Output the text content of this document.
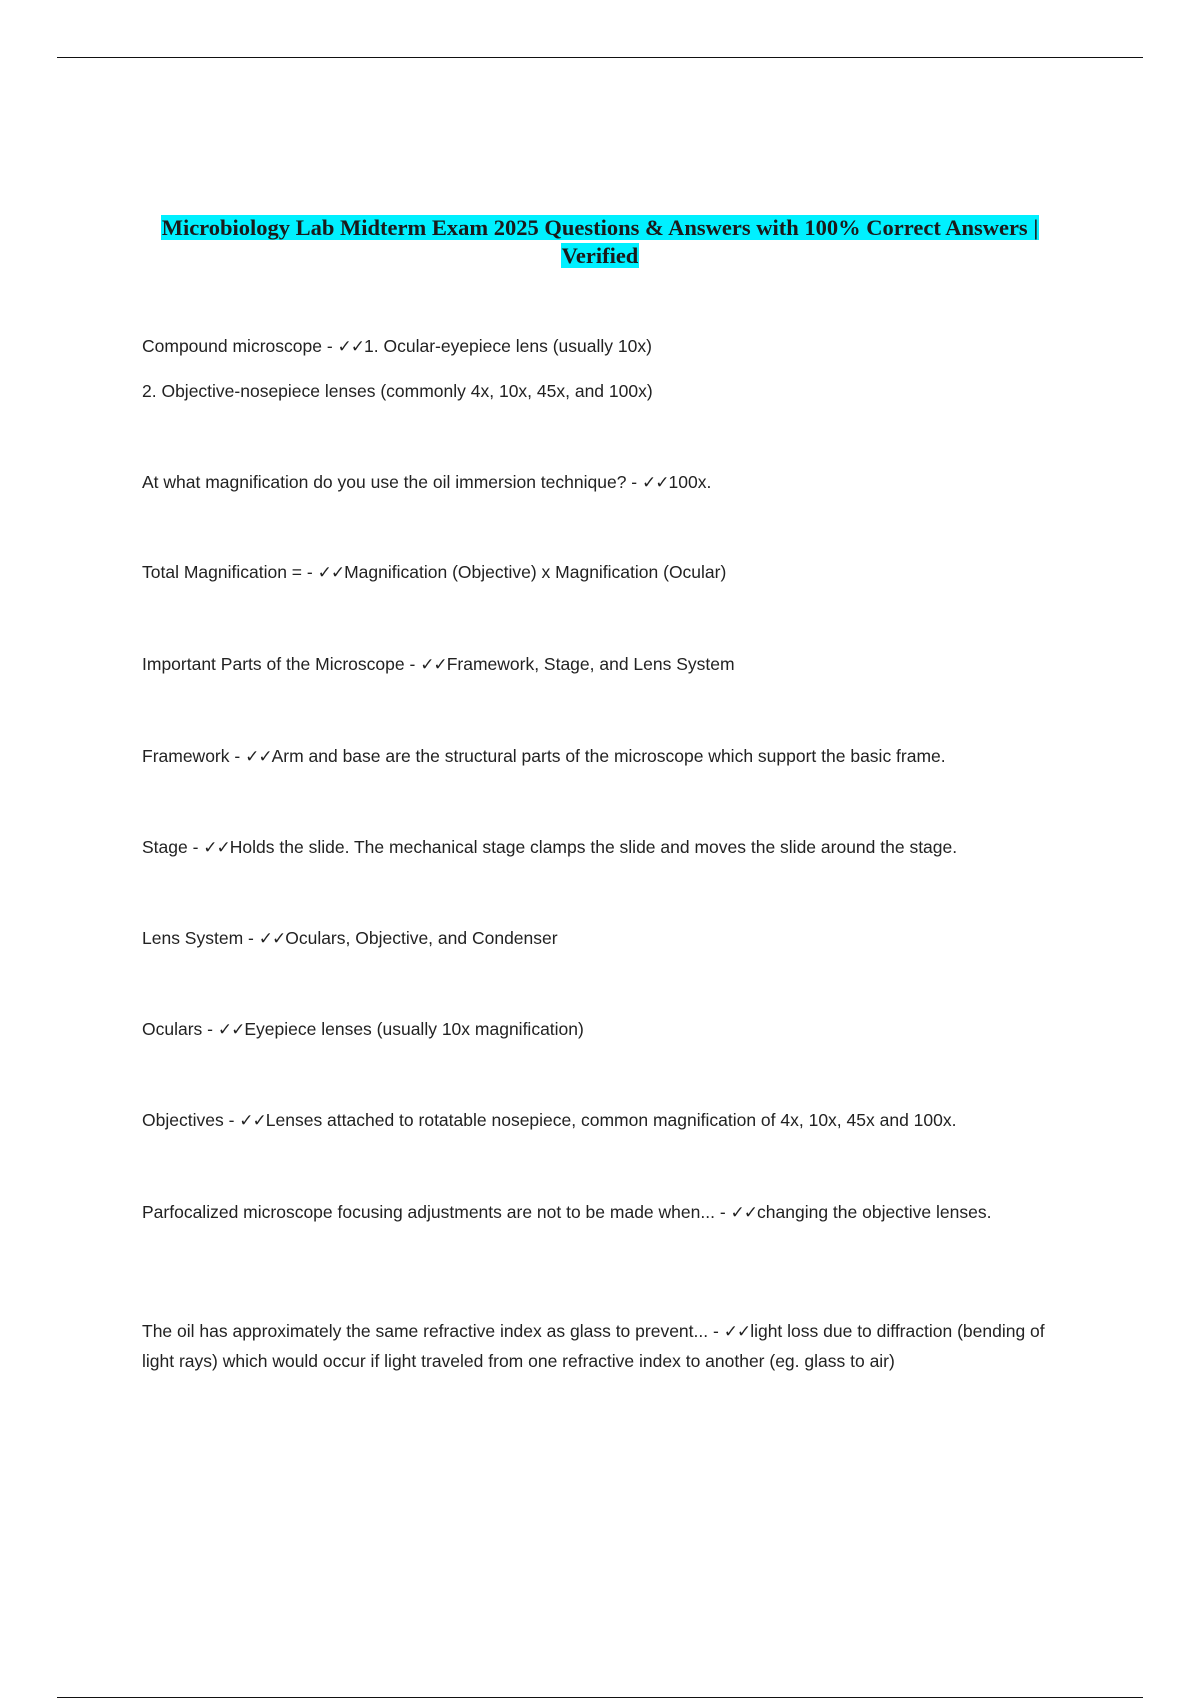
Microbiology Lab Midterm Exam 2025 Questions & Answers with 100% Correct Answers |
Verified

Compound microscope - ✓✓1. Ocular-eyepiece lens (usually 10x)
2. Objective-nosepiece lenses (commonly 4x, 10x, 45x, and 100x)

At what magnification do you use the oil immersion technique? - ✓✓100x.

Total Magnification = - ✓✓Magnification (Objective) x Magnification (Ocular)

Important Parts of the Microscope - ✓✓Framework, Stage, and Lens System

Framework - ✓✓Arm and base are the structural parts of the microscope which support the basic frame.

Stage - ✓✓Holds the slide. The mechanical stage clamps the slide and moves the slide around the stage.

Lens System - ✓✓Oculars, Objective, and Condenser

Oculars - ✓✓Eyepiece lenses (usually 10x magnification)

Objectives - ✓✓Lenses attached to rotatable nosepiece, common magnification of 4x, 10x, 45x and 100x.

Parfocalized microscope focusing adjustments are not to be made when... - ✓✓changing the objective lenses.

The oil has approximately the same refractive index as glass to prevent... - ✓✓light loss due to diffraction (bending of light rays) which would occur if light traveled from one refractive index to another (eg. glass to air)
